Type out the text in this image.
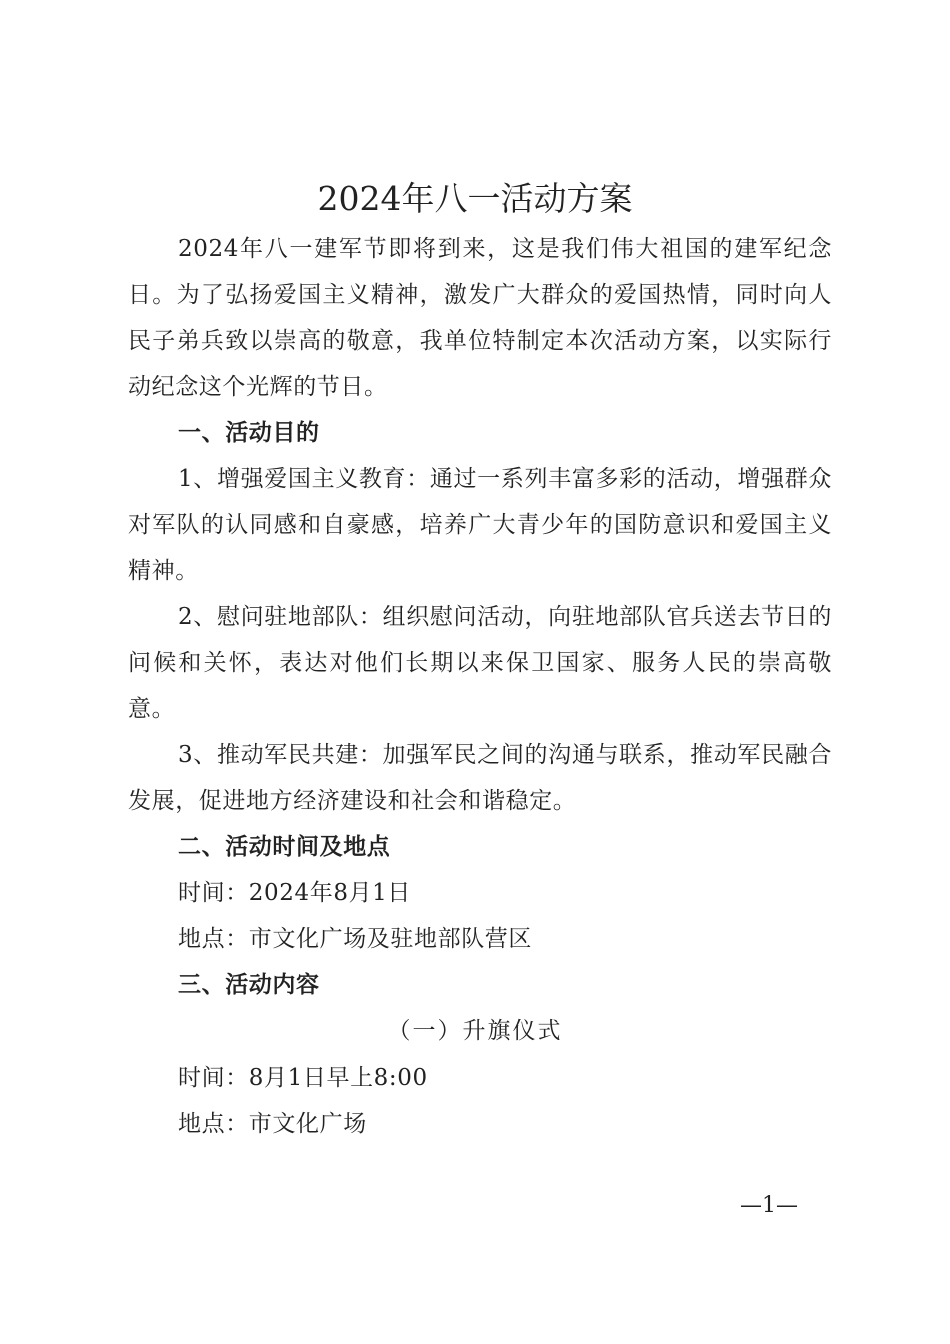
2024年八一活动方案

2024年八一建军节即将到来，这是我们伟大祖国的建军纪念日。为了弘扬爱国主义精神，激发广大群众的爱国热情，同时向人民子弟兵致以崇高的敬意，我单位特制定本次活动方案，以实际行动纪念这个光辉的节日。

一、活动目的

1、增强爱国主义教育：通过一系列丰富多彩的活动，增强群众对军队的认同感和自豪感，培养广大青少年的国防意识和爱国主义精神。

2、慰问驻地部队：组织慰问活动，向驻地部队官兵送去节日的问候和关怀，表达对他们长期以来保卫国家、服务人民的崇高敬意。

3、推动军民共建：加强军民之间的沟通与联系，推动军民融合发展，促进地方经济建设和社会和谐稳定。

二、活动时间及地点
时间：2024年8月1日
地点：市文化广场及驻地部队营区
三、活动内容
（一）升旗仪式
时间：8月1日早上8:00
地点：市文化广场
—1—
